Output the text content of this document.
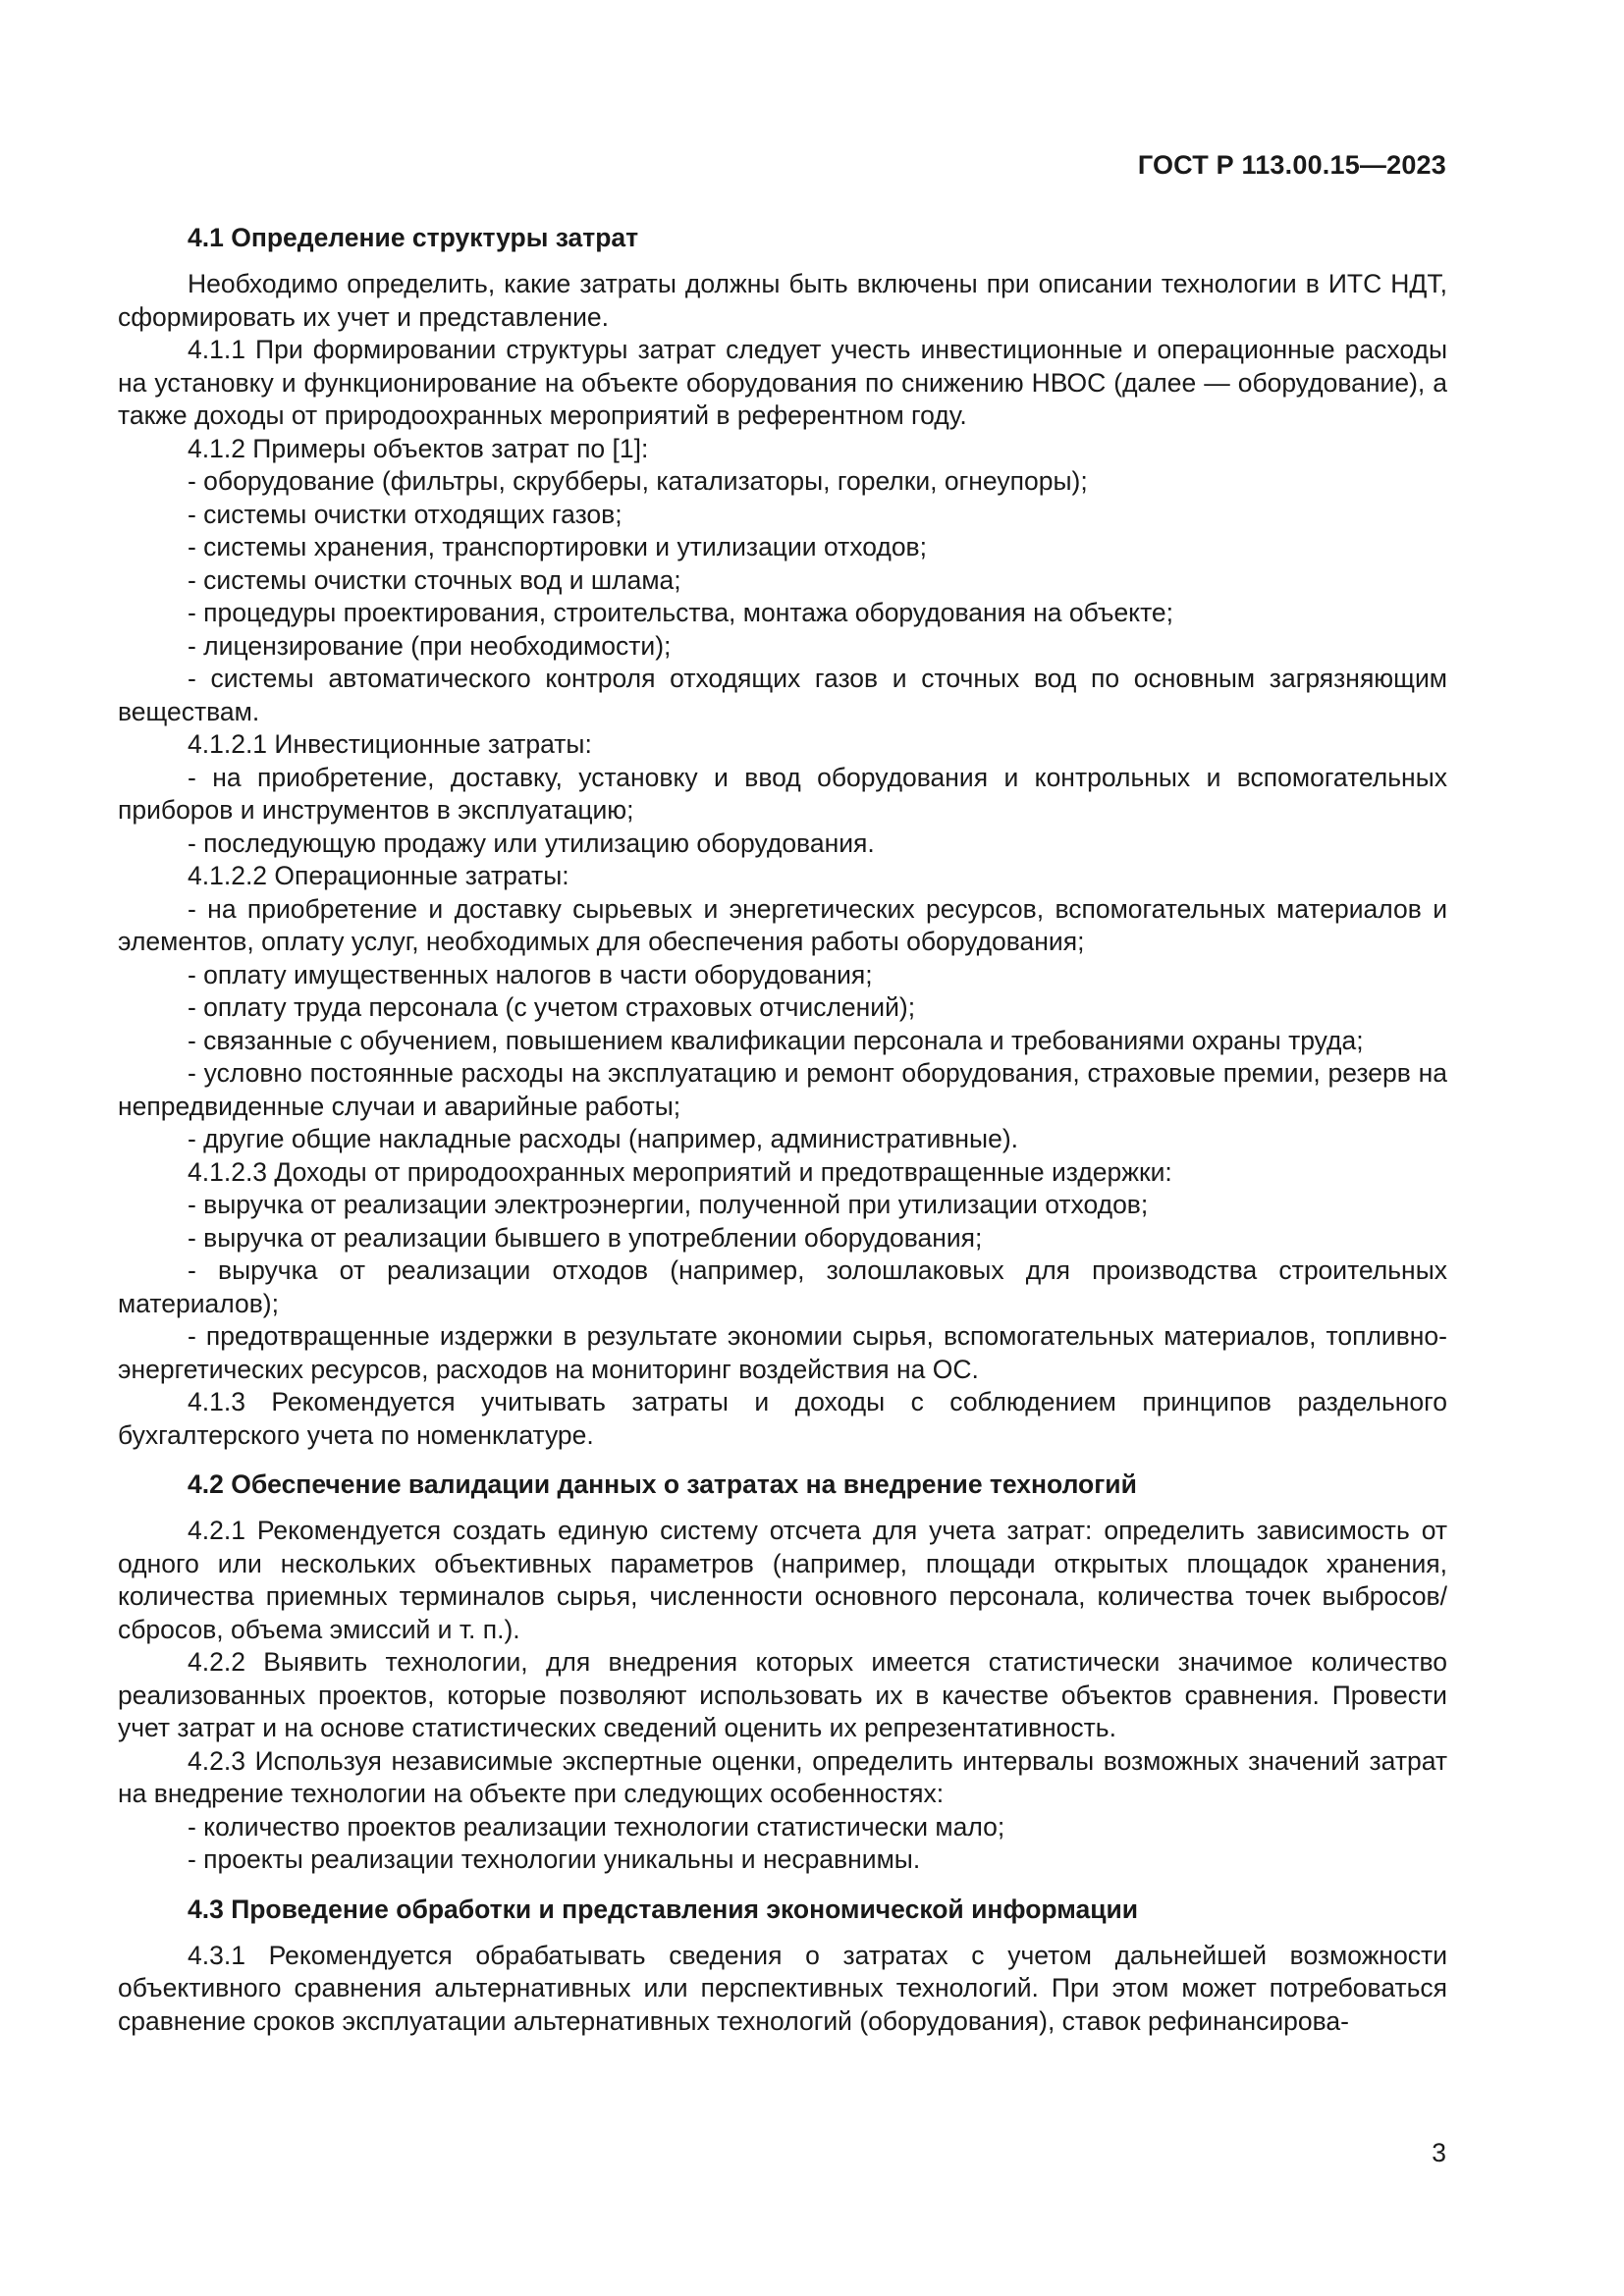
ГОСТ Р 113.00.15—2023
4.1 Определение структуры затрат

Необходимо определить, какие затраты должны быть включены при описании технологии в ИТС НДТ, сформировать их учет и представление.

4.1.1 При формировании структуры затрат следует учесть инвестиционные и операционные расходы на установку и функционирование на объекте оборудования по снижению НВОС (далее — оборудование), а также доходы от природоохранных мероприятий в референтном году.

4.1.2 Примеры объектов затрат по [1]:

- оборудование (фильтры, скрубберы, катализаторы, горелки, огнеупоры);

- системы очистки отходящих газов;

- системы хранения, транспортировки и утилизации отходов;

- системы очистки сточных вод и шлама;

- процедуры проектирования, строительства, монтажа оборудования на объекте;

- лицензирование (при необходимости);

- системы автоматического контроля отходящих газов и сточных вод по основным загрязняющим веществам.

4.1.2.1 Инвестиционные затраты:

- на приобретение, доставку, установку и ввод оборудования и контрольных и вспомогательных приборов и инструментов в эксплуатацию;

- последующую продажу или утилизацию оборудования.

4.1.2.2 Операционные затраты:

- на приобретение и доставку сырьевых и энергетических ресурсов, вспомогательных материалов и элементов, оплату услуг, необходимых для обеспечения работы оборудования;

- оплату имущественных налогов в части оборудования;

- оплату труда персонала (с учетом страховых отчислений);

- связанные с обучением, повышением квалификации персонала и требованиями охраны труда;

- условно постоянные расходы на эксплуатацию и ремонт оборудования, страховые премии, резерв на непредвиденные случаи и аварийные работы;

- другие общие накладные расходы (например, административные).

4.1.2.3 Доходы от природоохранных мероприятий и предотвращенные издержки:

- выручка от реализации электроэнергии, полученной при утилизации отходов;

- выручка от реализации бывшего в употреблении оборудования;

- выручка от реализации отходов (например, золошлаковых для производства строительных материалов);

- предотвращенные издержки в результате экономии сырья, вспомогательных материалов, топливно-энергетических ресурсов, расходов на мониторинг воздействия на ОС.

4.1.3 Рекомендуется учитывать затраты и доходы с соблюдением принципов раздельного бухгалтерского учета по номенклатуре.

4.2 Обеспечение валидации данных о затратах на внедрение технологий

4.2.1 Рекомендуется создать единую систему отсчета для учета затрат: определить зависимость от одного или нескольких объективных параметров (например, площади открытых площадок хранения, количества приемных терминалов сырья, численности основного персонала, количества точек выбросов/сбросов, объема эмиссий и т. п.).

4.2.2 Выявить технологии, для внедрения которых имеется статистически значимое количество реализованных проектов, которые позволяют использовать их в качестве объектов сравнения. Провести учет затрат и на основе статистических сведений оценить их репрезентативность.

4.2.3 Используя независимые экспертные оценки, определить интервалы возможных значений затрат на внедрение технологии на объекте при следующих особенностях:

- количество проектов реализации технологии статистически мало;

- проекты реализации технологии уникальны и несравнимы.

4.3 Проведение обработки и представления экономической информации

4.3.1 Рекомендуется обрабатывать сведения о затратах с учетом дальнейшей возможности объективного сравнения альтернативных или перспективных технологий. При этом может потребоваться сравнение сроков эксплуатации альтернативных технологий (оборудования), ставок рефинансирова-

3
